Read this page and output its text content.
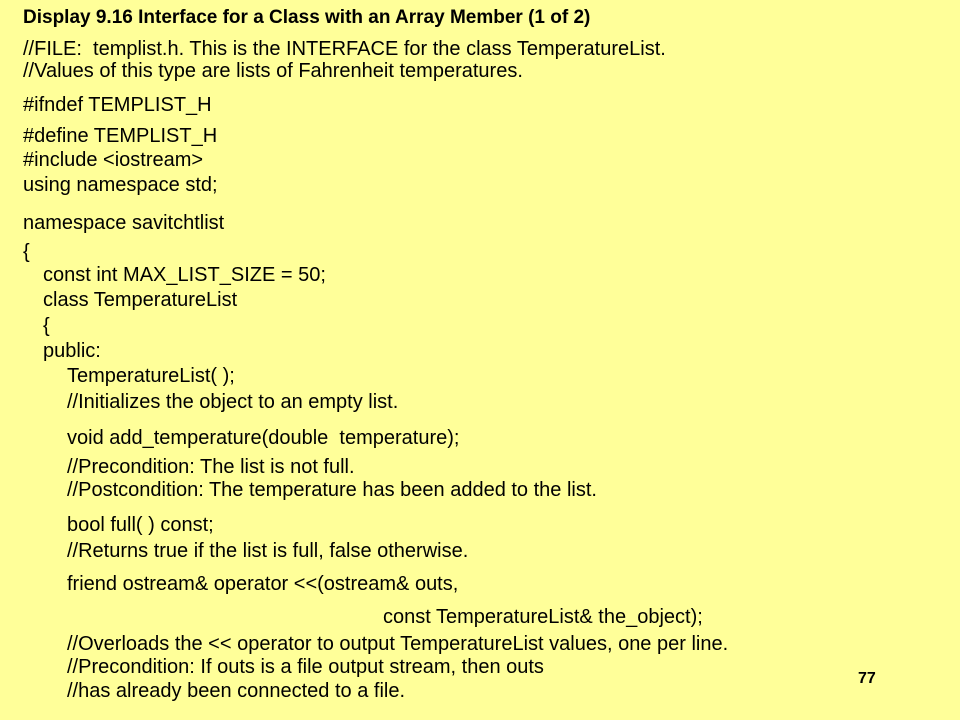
Display 9.16 Interface for a Class with an Array Member (1 of 2)
//FILE:  templist.h. This is the INTERFACE for the class TemperatureList.
//Values of this type are lists of Fahrenheit temperatures.
#ifndef TEMPLIST_H
#define TEMPLIST_H
#include <iostream>
using namespace std;
namespace savitchtlist
{
const int MAX_LIST_SIZE = 50;
class TemperatureList
{
public:
TemperatureList( );
//Initializes the object to an empty list.
void add_temperature(double  temperature);
//Precondition: The list is not full.
//Postcondition: The temperature has been added to the list.
bool full( ) const;
//Returns true if the list is full, false otherwise.
friend ostream& operator <<(ostream& outs,
const TemperatureList& the_object);
//Overloads the << operator to output TemperatureList values, one per line.
//Precondition: If outs is a file output stream, then outs
//has already been connected to a file.
77
